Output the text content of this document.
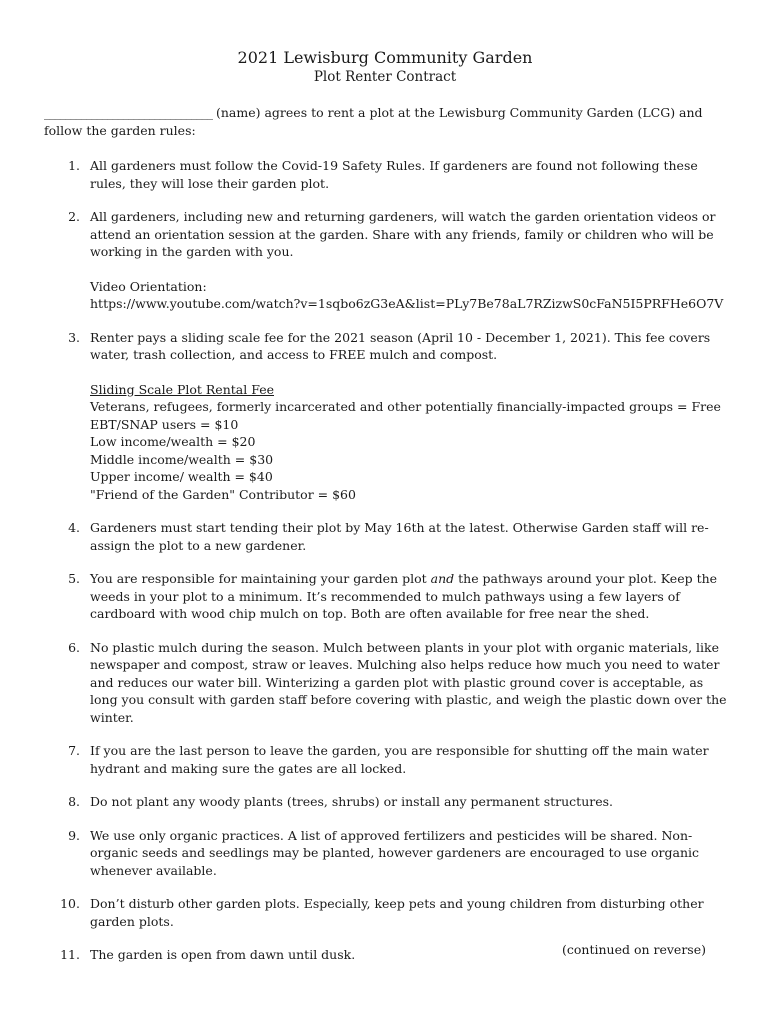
2021 Lewisburg Community Garden
Plot Renter Contract
________________________________ (name) agrees to rent a plot at the Lewisburg Community Garden (LCG) and follow the garden rules:
1. All gardeners must follow the Covid-19 Safety Rules. If gardeners are found not following these rules, they will lose their garden plot.
2. All gardeners, including new and returning gardeners, will watch the garden orientation videos or attend an orientation session at the garden. Share with any friends, family or children who will be working in the garden with you.
Video Orientation:
https://www.youtube.com/watch?v=1sqbo6zG3eA&list=PLy7Be78aL7RZizwS0cFaN5I5PRFHe6O7V
3. Renter pays a sliding scale fee for the 2021 season (April 10 - December 1, 2021). This fee covers water, trash collection, and access to FREE mulch and compost.
Sliding Scale Plot Rental Fee
Veterans, refugees, formerly incarcerated and other potentially financially-impacted groups = Free
EBT/SNAP users = $10
Low income/wealth = $20
Middle income/wealth = $30
Upper income/ wealth = $40
"Friend of the Garden" Contributor = $60
4. Gardeners must start tending their plot by May 16th at the latest. Otherwise Garden staff will re-assign the plot to a new gardener.
5. You are responsible for maintaining your garden plot and the pathways around your plot. Keep the weeds in your plot to a minimum. It’s recommended to mulch pathways using a few layers of cardboard with wood chip mulch on top. Both are often available for free near the shed.
6. No plastic mulch during the season. Mulch between plants in your plot with organic materials, like newspaper and compost, straw or leaves. Mulching also helps reduce how much you need to water and reduces our water bill. Winterizing a garden plot with plastic ground cover is acceptable, as long you consult with garden staff before covering with plastic, and weigh the plastic down over the winter.
7. If you are the last person to leave the garden, you are responsible for shutting off the main water hydrant and making sure the gates are all locked.
8. Do not plant any woody plants (trees, shrubs) or install any permanent structures.
9. We use only organic practices. A list of approved fertilizers and pesticides will be shared. Non-organic seeds and seedlings may be planted, however gardeners are encouraged to use organic whenever available.
10. Don’t disturb other garden plots. Especially, keep pets and young children from disturbing other garden plots.
11. The garden is open from dawn until dusk.	(continued on reverse)
